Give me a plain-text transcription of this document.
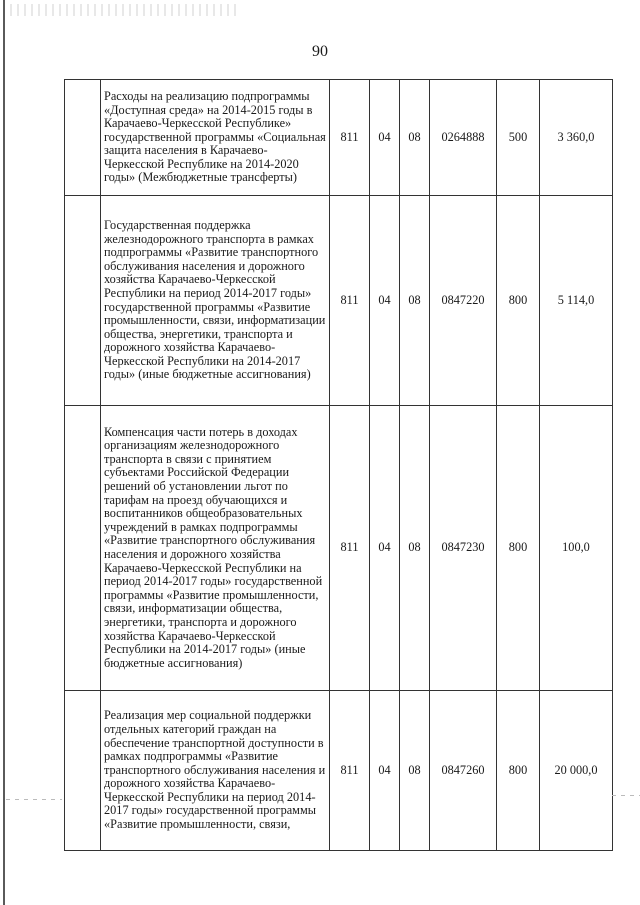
90
	Расходы на реализацию подпрограммы «Доступная среда» на 2014-2015 годы в Карачаево-Черкесской Республике» государственной программы «Социальная защита населения в Карачаево-Черкесской Республике на 2014-2020 годы» (Межбюджетные трансферты)	811	04	08	0264888	500	3 360,0
	Государственная поддержка железнодорожного транспорта в рамках подпрограммы «Развитие транспортного обслуживания населения и дорожного хозяйства Карачаево-Черкесской Республики на период 2014-2017 годы» государственной программы «Развитие промышленности, связи, информатизации общества, энергетики, транспорта и дорожного хозяйства Карачаево-Черкесской Республики на 2014-2017 годы» (иные бюджетные ассигнования)	811	04	08	0847220	800	5 114,0
	Компенсация части потерь в доходах организациям железнодорожного транспорта в связи с принятием субъектами Российской Федерации решений об установлении льгот по тарифам на проезд обучающихся и воспитанников общеобразовательных учреждений в рамках подпрограммы «Развитие транспортного обслуживания населения и дорожного хозяйства Карачаево-Черкесской Республики на период 2014-2017 годы» государственной программы «Развитие промышленности, связи, информатизации общества, энергетики, транспорта и дорожного хозяйства Карачаево-Черкесской Республики на 2014-2017 годы» (иные бюджетные ассигнования)	811	04	08	0847230	800	100,0
	Реализация мер социальной поддержки отдельных категорий граждан на обеспечение транспортной доступности в рамках подпрограммы «Развитие транспортного обслуживания населения и дорожного хозяйства Карачаево-Черкесской Республики на период 2014-2017 годы» государственной программы «Развитие промышленности, связи,	811	04	08	0847260	800	20 000,0
